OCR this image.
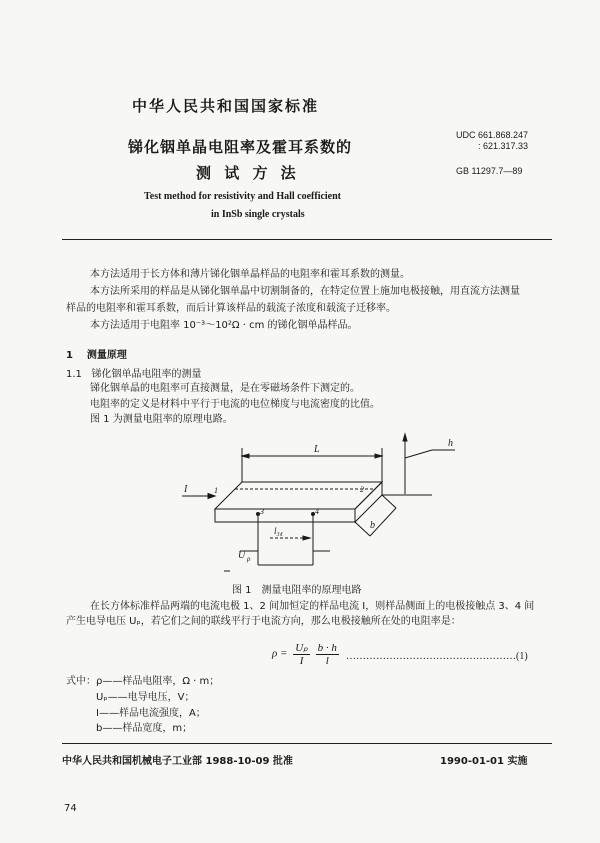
中华人民共和国国家标准
锑化铟单晶电阻率及霍耳系数的
测 试 方 法
Test method for resistivity and Hall coefficient
in InSb single crystals
UDC 661.868.247
: 621.317.33
GB 11297.7—89
本方法适用于长方体和薄片锑化铟单晶样品的电阻率和霍耳系数的测量。
本方法所采用的样品是从锑化铟单晶中切割制备的，在特定位置上施加电极接触，用直流方法测量
样品的电阻率和霍耳系数，而后计算该样品的载流子浓度和载流子迁移率。
本方法适用于电阻率 10⁻³～10²Ω · cm 的锑化铟单晶样品。
1 测量原理
1.1 锑化铟单晶电阻率的测量
锑化铟单晶的电阻率可直接测量，是在零磁场条件下测定的。
电阻率的定义是材料中平行于电流的电位梯度与电流密度的比值。
图 1 为测量电阻率的原理电路。
L
h
I	1	2
3	4
b
l₃₄
U ρ
图 1　测量电阻率的原理电路
在长方体标准样品两端的电流电极 1、2 间加恒定的样品电流 I，则样品侧面上的电极接触点 3、4 间
产生电导电压 Uₚ，若它们之间的联线平行于电流方向，那么电极接触所在处的电阻率是：
$\rho = \frac{\text{Uₚ}}{I}$
$\frac{b \cdot h}{l}$ ……………………………………………(1)
式中：ρ——样品电阻率，Ω · m；
Uₚ——电导电压，V；
I——样品电流强度，A；
b——样品宽度，m；
中华人民共和国机械电子工业部 1988-10-09 批准	1990-01-01 实施
74
